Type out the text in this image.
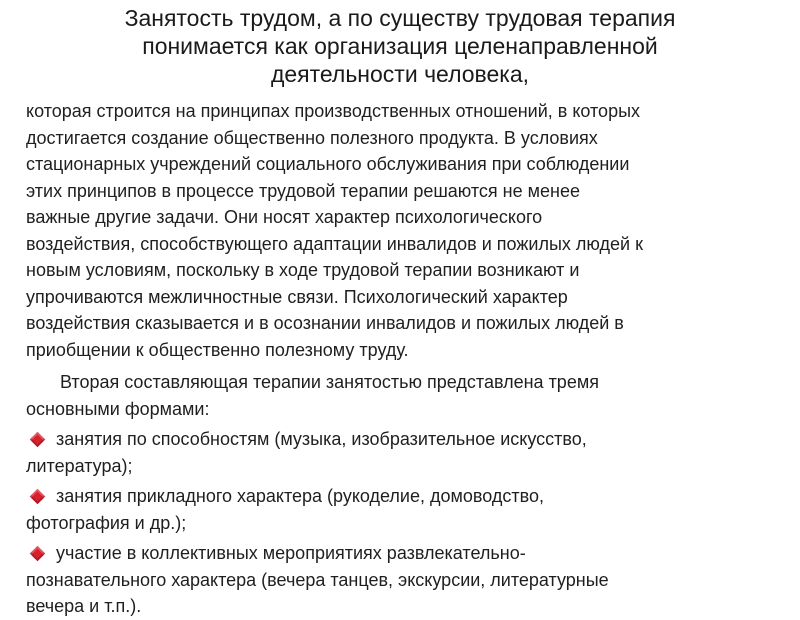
Занятость трудом, а по существу трудовая терапия
понимается как организация целенаправленной
деятельности человека,
которая строится на принципах производственных отношений, в которых
достигается создание общественно полезного продукта. В условиях
стационарных учреждений социального обслуживания при соблюдении
этих принципов в процессе трудовой терапии решаются не менее
важные другие задачи. Они носят характер психологического
воздействия, способствующего адаптации инвалидов и пожилых людей к
новым условиям, поскольку в ходе трудовой терапии возникают и
упрочиваются межличностные связи. Психологический характер
воздействия сказывается и в осознании инвалидов и пожилых людей в
приобщении к общественно полезному труду.
Вторая составляющая терапии занятостью представлена тремя
основными формами:
занятия по способностям (музыка, изобразительное искусство,
литература);
занятия прикладного характера (рукоделие, домоводство,
фотография и др.);
участие в коллективных мероприятиях развлекательно-
познавательного характера (вечера танцев, экскурсии, литературные
вечера и т.п.).
